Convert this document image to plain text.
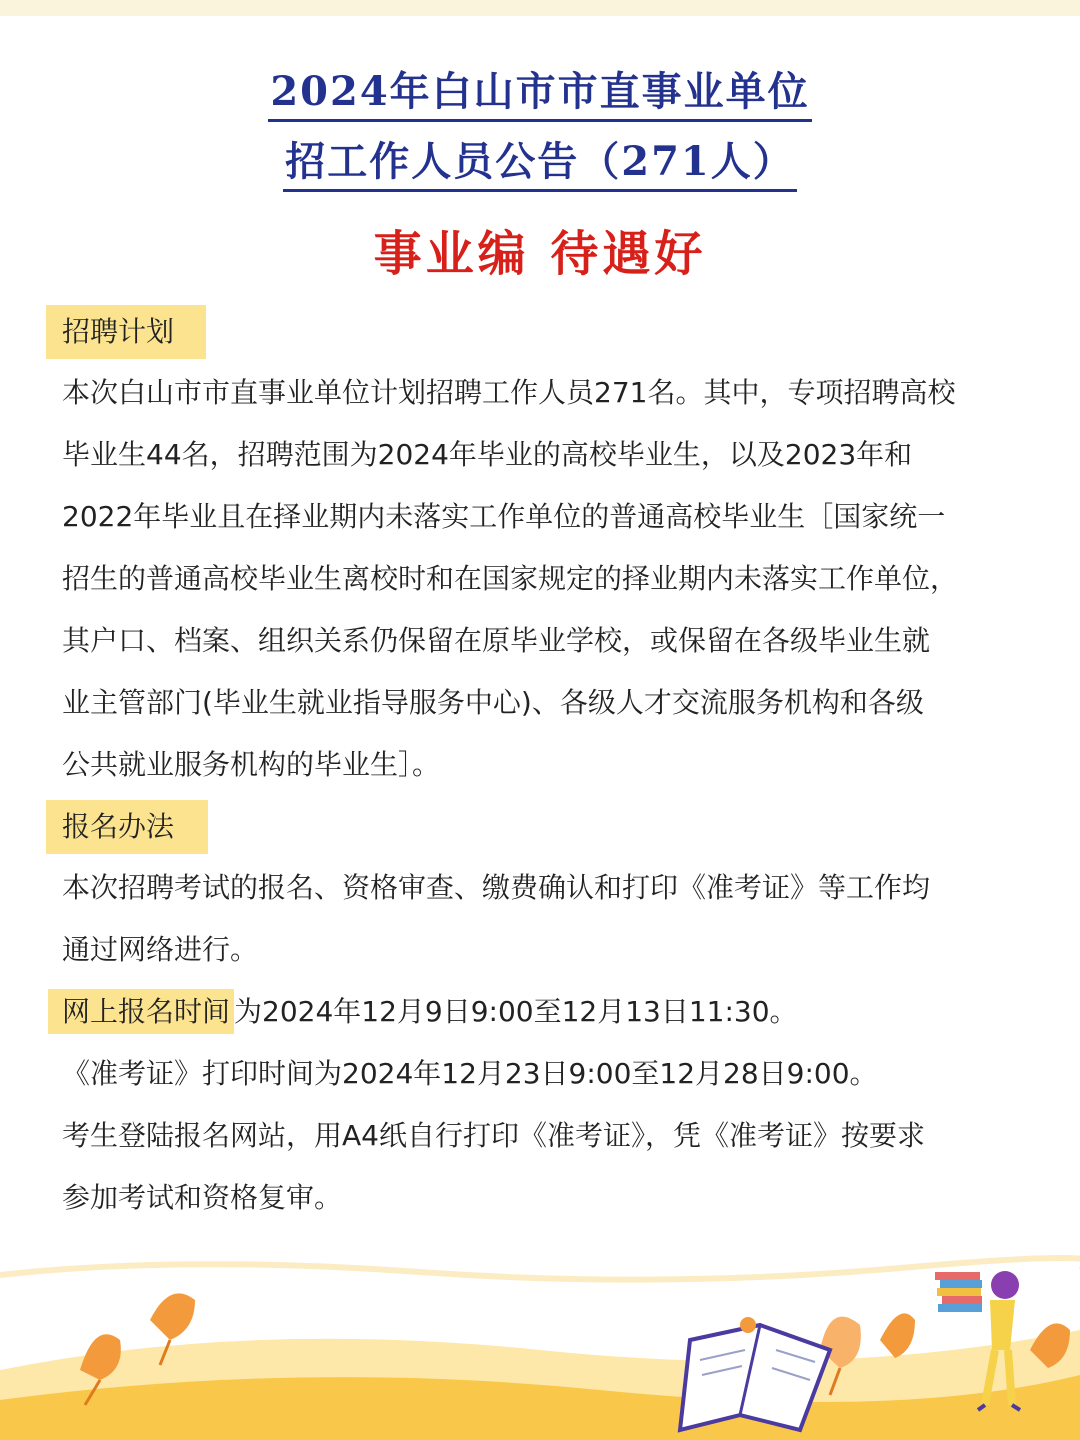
2024年白山市市直事业单位
招工作人员公告（271人）
事业编 待遇好
招聘计划
本次白山市市直事业单位计划招聘工作人员271名。其中，专项招聘高校
毕业生44名，招聘范围为2024年毕业的高校毕业生，以及2023年和
2022年毕业且在择业期内未落实工作单位的普通高校毕业生［国家统一
招生的普通高校毕业生离校时和在国家规定的择业期内未落实工作单位，
其户口、档案、组织关系仍保留在原毕业学校，或保留在各级毕业生就
业主管部门(毕业生就业指导服务中心)、各级人才交流服务机构和各级
公共就业服务机构的毕业生］。
报名办法
本次招聘考试的报名、资格审查、缴费确认和打印《准考证》等工作均
通过网络进行。
网上报名时间 为2024年12月9日9:00至12月13日11:30。
《准考证》打印时间为2024年12月23日9:00至12月28日9:00。
考生登陆报名网站，用A4纸自行打印《准考证》，凭《准考证》按要求
参加考试和资格复审。
